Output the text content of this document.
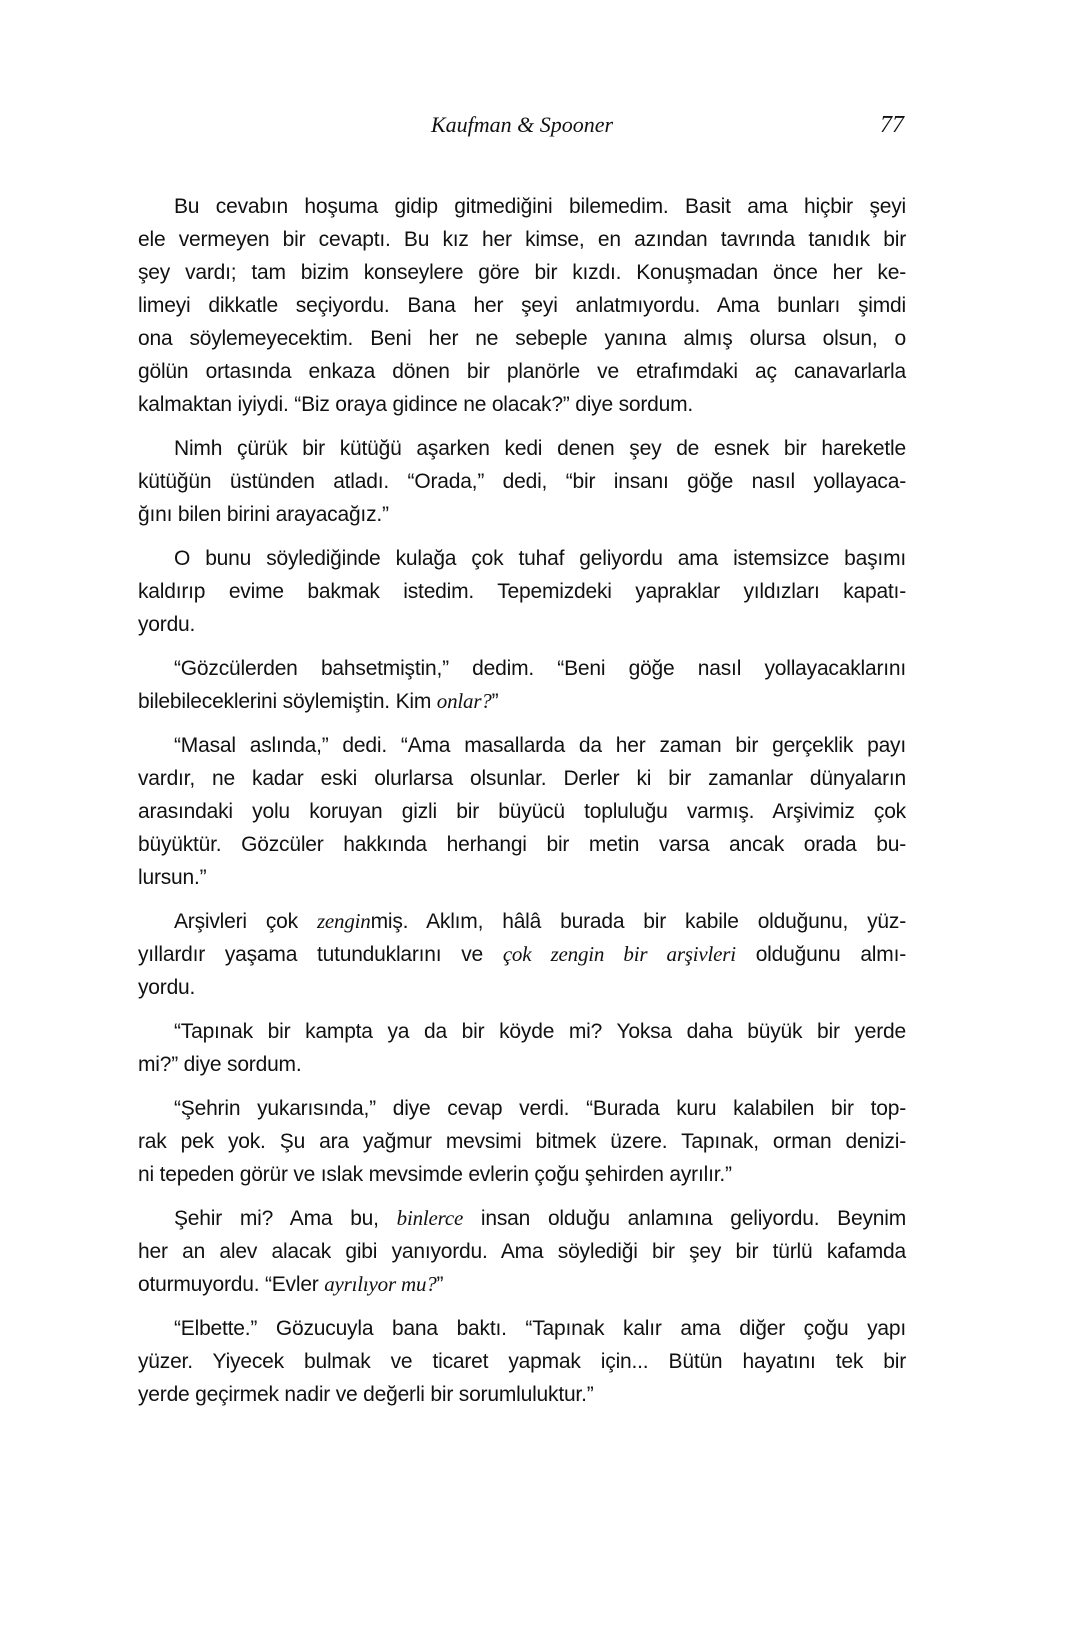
Kaufman & Spooner	77
Bu cevabın hoşuma gidip gitmediğini bilemedim. Basit ama hiçbir şeyi
ele vermeyen bir cevaptı. Bu kız her kimse, en azından tavrında tanıdık bir
şey vardı; tam bizim konseylere göre bir kızdı. Konuşmadan önce her ke-
limeyi dikkatle seçiyordu. Bana her şeyi anlatmıyordu. Ama bunları şimdi
ona söylemeyecektim. Beni her ne sebeple yanına almış olursa olsun, o
gölün ortasında enkaza dönen bir planörle ve etrafımdaki aç canavarlarla
kalmaktan iyiydi. “Biz oraya gidince ne olacak?” diye sordum.
Nimh çürük bir kütüğü aşarken kedi denen şey de esnek bir hareketle
kütüğün üstünden atladı. “Orada,” dedi, “bir insanı göğe nasıl yollayaca-
ğını bilen birini arayacağız.”
O bunu söylediğinde kulağa çok tuhaf geliyordu ama istemsizce başımı
kaldırıp evime bakmak istedim. Tepemizdeki yapraklar yıldızları kapatı-
yordu.
“Gözcülerden bahsetmiştin,” dedim. “Beni göğe nasıl yollayacaklarını
bilebileceklerini söylemiştin. Kim onlar?”
“Masal aslında,” dedi. “Ama masallarda da her zaman bir gerçeklik payı
vardır, ne kadar eski olurlarsa olsunlar. Derler ki bir zamanlar dünyaların
arasındaki yolu koruyan gizli bir büyücü topluluğu varmış. Arşivimiz çok
büyüktür. Gözcüler hakkında herhangi bir metin varsa ancak orada bu-
lursun.”
Arşivleri çok zenginmiş. Aklım, hâlâ burada bir kabile olduğunu, yüz-
yıllardır yaşama tutunduklarını ve çok zengin bir arşivleri olduğunu almı-
yordu.
“Tapınak bir kampta ya da bir köyde mi? Yoksa daha büyük bir yerde
mi?” diye sordum.
“Şehrin yukarısında,” diye cevap verdi. “Burada kuru kalabilen bir top-
rak pek yok. Şu ara yağmur mevsimi bitmek üzere. Tapınak, orman denizi-
ni tepeden görür ve ıslak mevsimde evlerin çoğu şehirden ayrılır.”
Şehir mi? Ama bu, binlerce insan olduğu anlamına geliyordu. Beynim
her an alev alacak gibi yanıyordu. Ama söylediği bir şey bir türlü kafamda
oturmuyordu. “Evler ayrılıyor mu?”
“Elbette.” Gözucuyla bana baktı. “Tapınak kalır ama diğer çoğu yapı
yüzer. Yiyecek bulmak ve ticaret yapmak için... Bütün hayatını tek bir
yerde geçirmek nadir ve değerli bir sorumluluktur.”
